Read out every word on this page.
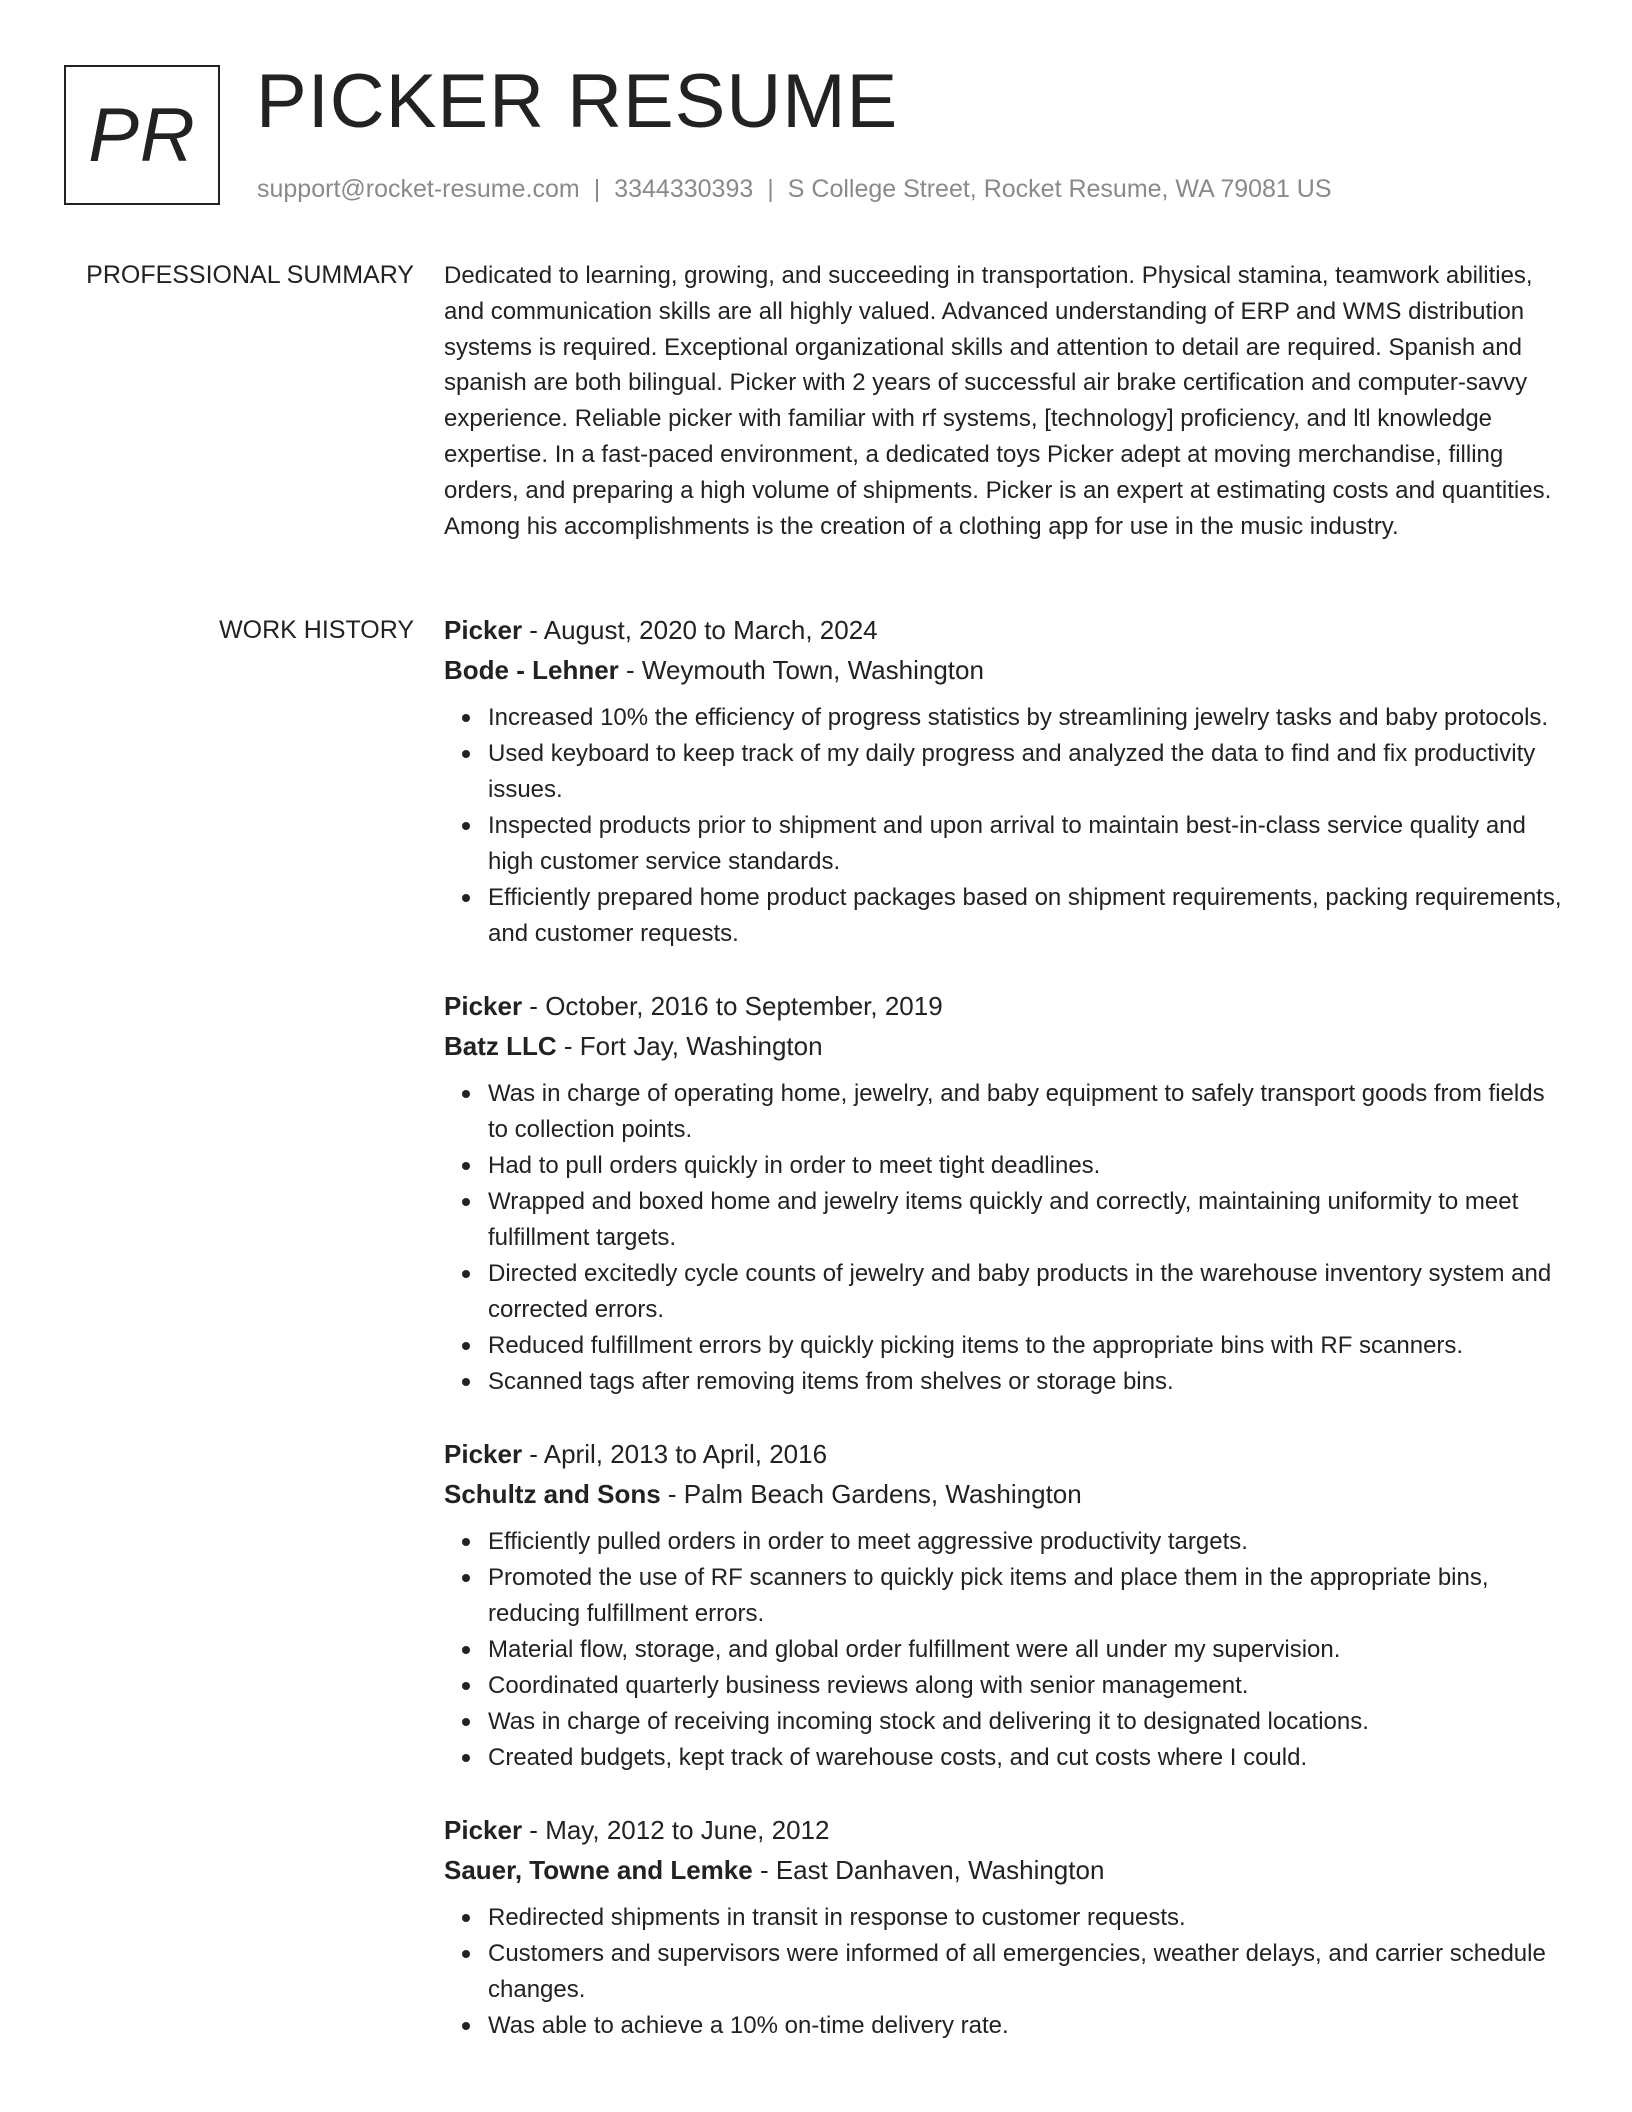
PR PICKER RESUME
support@rocket-resume.com | 3344330393 | S College Street, Rocket Resume, WA 79081 US
PROFESSIONAL SUMMARY Dedicated to learning, growing, and succeeding in transportation. Physical stamina, teamwork abilities, and communication skills are all highly valued. Advanced understanding of ERP and WMS distribution systems is required. Exceptional organizational skills and attention to detail are required. Spanish and spanish are both bilingual. Picker with 2 years of successful air brake certification and computer-savvy experience. Reliable picker with familiar with rf systems, [technology] proficiency, and ltl knowledge expertise. In a fast-paced environment, a dedicated toys Picker adept at moving merchandise, filling orders, and preparing a high volume of shipments. Picker is an expert at estimating costs and quantities. Among his accomplishments is the creation of a clothing app for use in the music industry.

WORK HISTORY Picker - August, 2020 to March, 2024
Bode - Lehner - Weymouth Town, Washington
Increased 10% the efficiency of progress statistics by streamlining jewelry tasks and baby protocols.
Used keyboard to keep track of my daily progress and analyzed the data to find and fix productivity issues.
Inspected products prior to shipment and upon arrival to maintain best-in-class service quality and high customer service standards.
Efficiently prepared home product packages based on shipment requirements, packing requirements, and customer requests.
Picker - October, 2016 to September, 2019
Batz LLC - Fort Jay, Washington
Was in charge of operating home, jewelry, and baby equipment to safely transport goods from fields to collection points.
Had to pull orders quickly in order to meet tight deadlines.
Wrapped and boxed home and jewelry items quickly and correctly, maintaining uniformity to meet fulfillment targets.
Directed excitedly cycle counts of jewelry and baby products in the warehouse inventory system and corrected errors.
Reduced fulfillment errors by quickly picking items to the appropriate bins with RF scanners.
Scanned tags after removing items from shelves or storage bins.
Picker - April, 2013 to April, 2016
Schultz and Sons - Palm Beach Gardens, Washington
Efficiently pulled orders in order to meet aggressive productivity targets.
Promoted the use of RF scanners to quickly pick items and place them in the appropriate bins, reducing fulfillment errors.
Material flow, storage, and global order fulfillment were all under my supervision.
Coordinated quarterly business reviews along with senior management.
Was in charge of receiving incoming stock and delivering it to designated locations.
Created budgets, kept track of warehouse costs, and cut costs where I could.
Picker - May, 2012 to June, 2012
Sauer, Towne and Lemke - East Danhaven, Washington
Redirected shipments in transit in response to customer requests.
Customers and supervisors were informed of all emergencies, weather delays, and carrier schedule changes.
Was able to achieve a 10% on-time delivery rate.
